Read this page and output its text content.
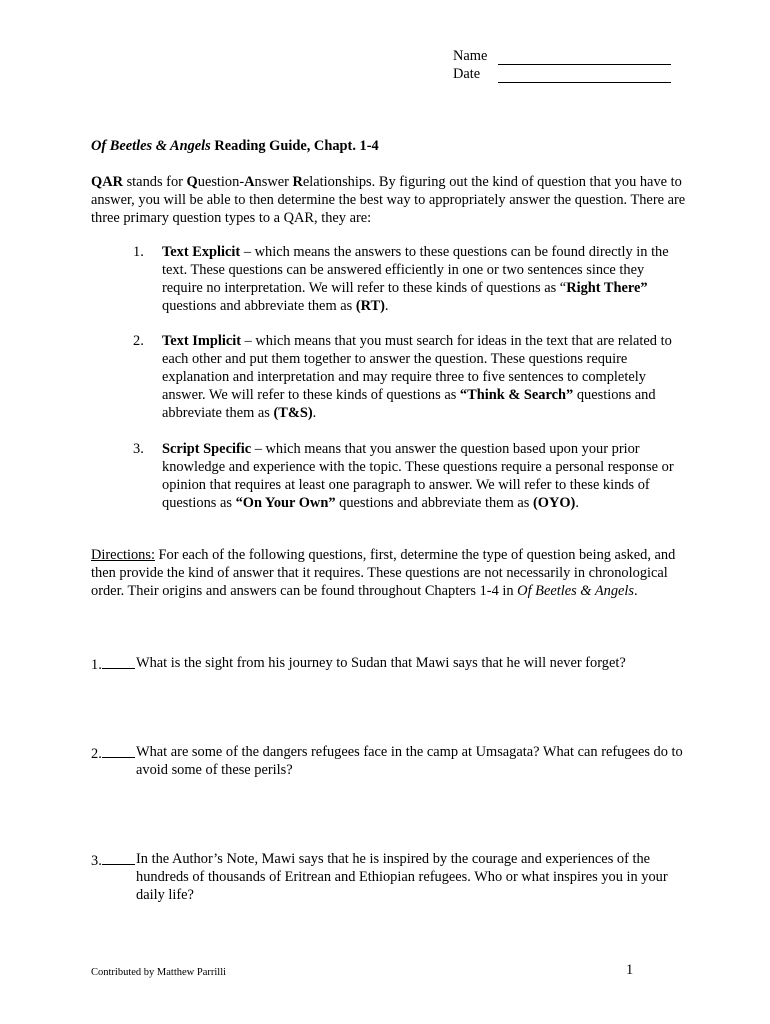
Name
Date
Of Beetles & Angels Reading Guide, Chapt. 1-4
QAR stands for Question-Answer Relationships. By figuring out the kind of question that you have to answer, you will be able to then determine the best way to appropriately answer the question. There are three primary question types to a QAR, they are:
1.	Text Explicit – which means the answers to these questions can be found directly in the text. These questions can be answered efficiently in one or two sentences since they require no interpretation. We will refer to these kinds of questions as “Right There” questions and abbreviate them as (RT).
2.	Text Implicit – which means that you must search for ideas in the text that are related to each other and put them together to answer the question. These questions require explanation and interpretation and may require three to five sentences to completely answer. We will refer to these kinds of questions as “Think & Search” questions and abbreviate them as (T&S).
3.	Script Specific – which means that you answer the question based upon your prior knowledge and experience with the topic. These questions require a personal response or opinion that requires at least one paragraph to answer. We will refer to these kinds of questions as “On Your Own” questions and abbreviate them as (OYO).
Directions: For each of the following questions, first, determine the type of question being asked, and then provide the kind of answer that it requires. These questions are not necessarily in chronological order. Their origins and answers can be found throughout Chapters 1-4 in Of Beetles & Angels.
1.	What is the sight from his journey to Sudan that Mawi says that he will never forget?
2.	What are some of the dangers refugees face in the camp at Umsagata? What can refugees do to avoid some of these perils?
3.	In the Author’s Note, Mawi says that he is inspired by the courage and experiences of the hundreds of thousands of Eritrean and Ethiopian refugees. Who or what inspires you in your daily life?
Contributed by Matthew Parrilli	1
